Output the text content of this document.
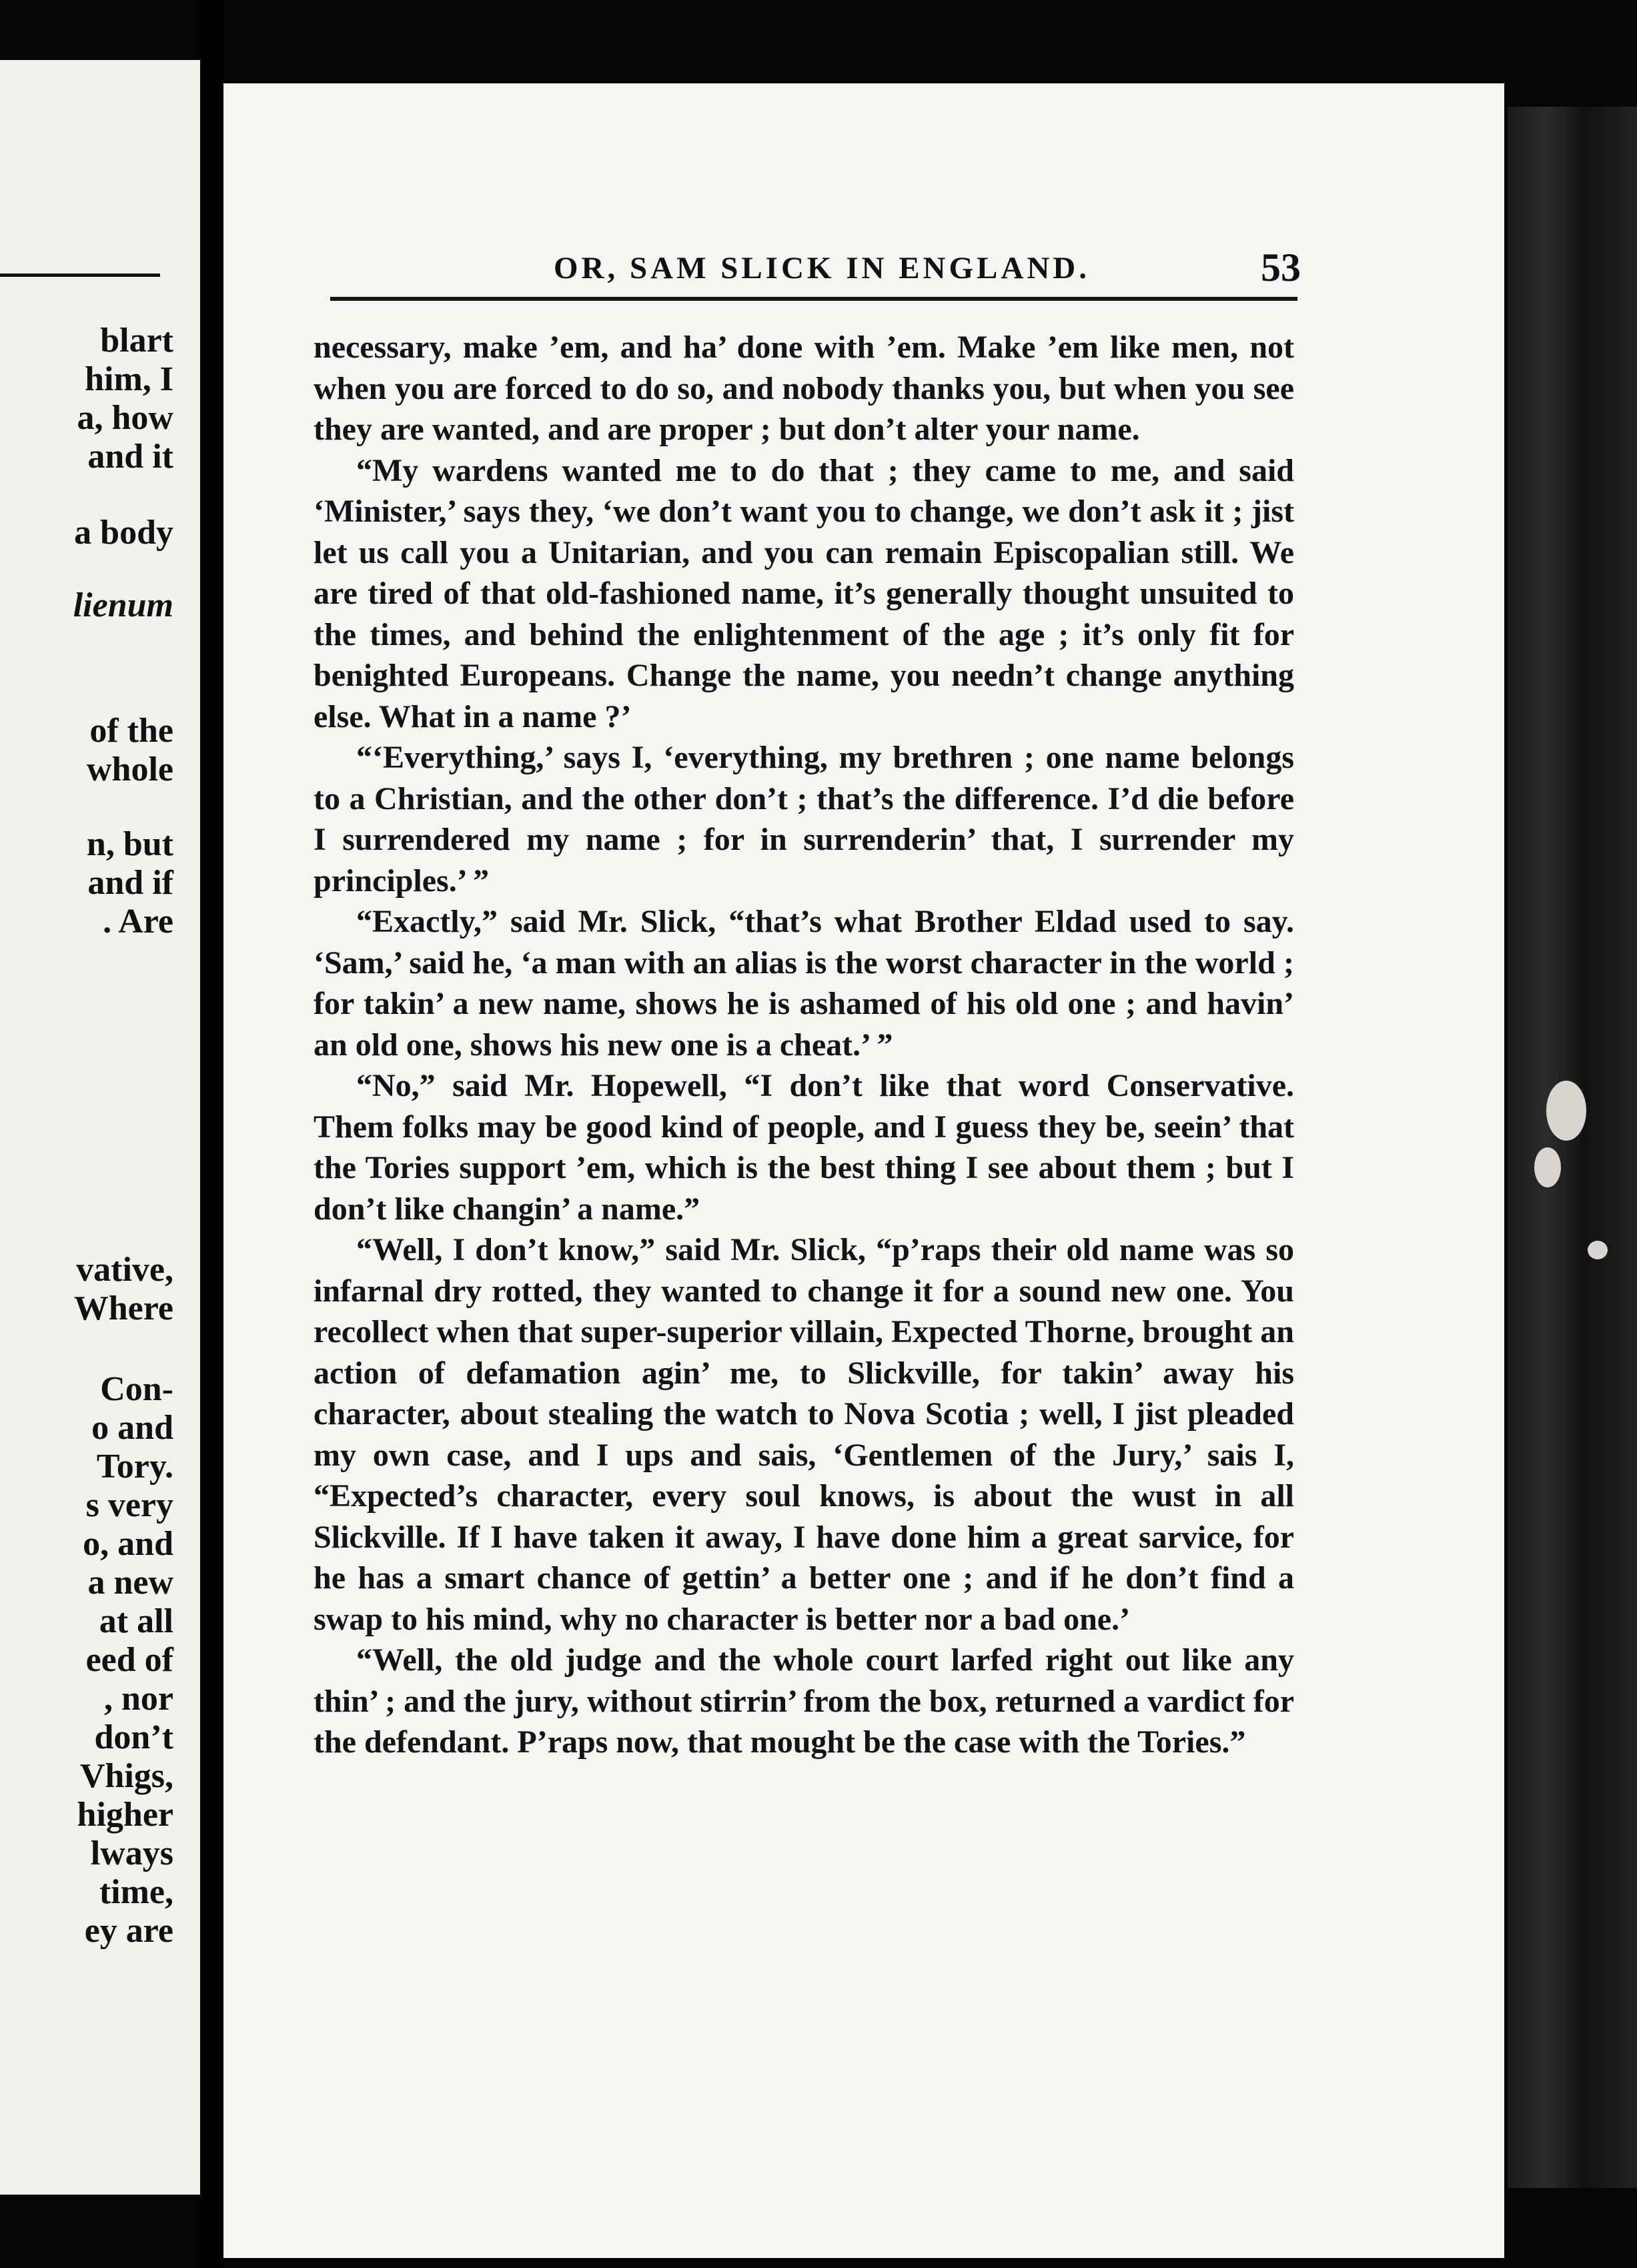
blart
him, I
a, how
and it
a body
lienum
of the
whole
n, but
and if
. Are
vative,
Where
Con-
o and
Tory.
s very
o, and
a new
at all
eed of
, nor
don’t
Vhigs,
higher
lways
time,
ey are
OR, SAM SLICK IN ENGLAND.	53

necessary, make ’em, and ha’ done with ’em. Make ’em like men, not when you are forced to do so, and nobody thanks you, but when you see they are wanted, and are proper ; but don’t alter your name.

“My wardens wanted me to do that ; they came to me, and said ‘Minister,’ says they, ‘we don’t want you to change, we don’t ask it ; jist let us call you a Unitarian, and you can remain Episcopalian still. We are tired of that old-fashioned name, it’s generally thought unsuited to the times, and behind the enlightenment of the age ; it’s only fit for benighted Europeans. Change the name, you needn’t change anything else. What in a name ?’

“‘Everything,’ says I, ‘everything, my brethren ; one name belongs to a Christian, and the other don’t ; that’s the difference. I’d die before I surrendered my name ; for in surrenderin’ that, I surrender my principles.’ ”

“Exactly,” said Mr. Slick, “that’s what Brother Eldad used to say. ‘Sam,’ said he, ‘a man with an alias is the worst character in the world ; for takin’ a new name, shows he is ashamed of his old one ; and havin’ an old one, shows his new one is a cheat.’ ”

“No,” said Mr. Hopewell, “I don’t like that word Conservative. Them folks may be good kind of people, and I guess they be, seein’ that the Tories support ’em, which is the best thing I see about them ; but I don’t like changin’ a name.”

“Well, I don’t know,” said Mr. Slick, “p’raps their old name was so infarnal dry rotted, they wanted to change it for a sound new one. You recollect when that super-superior villain, Expected Thorne, brought an action of defamation agin’ me, to Slickville, for takin’ away his character, about stealing the watch to Nova Scotia ; well, I jist pleaded my own case, and I ups and sais, ‘Gentlemen of the Jury,’ sais I, “Expected’s character, every soul knows, is about the wust in all Slickville. If I have taken it away, I have done him a great sarvice, for he has a smart chance of gettin’ a better one ; and if he don’t find a swap to his mind, why no character is better nor a bad one.’

“Well, the old judge and the whole court larfed right out like any thin’ ; and the jury, without stirrin’ from the box, returned a vardict for the defendant. P’raps now, that mought be the case with the Tories.”
